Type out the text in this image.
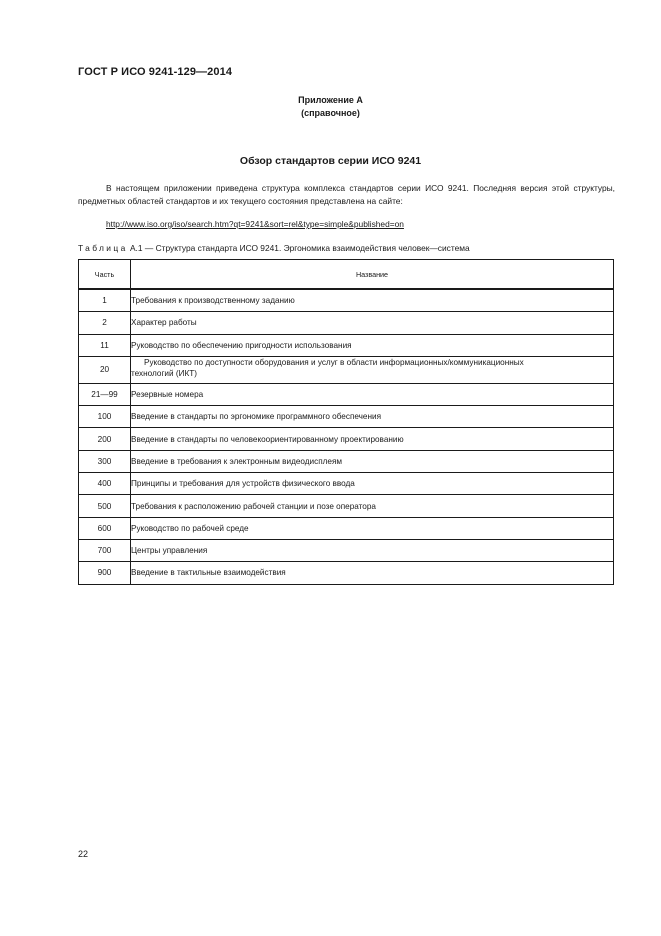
ГОСТ Р ИСО 9241-129—2014
Приложение А
(справочное)
Обзор стандартов серии ИСО 9241
В настоящем приложении приведена структура комплекса стандартов серии ИСО 9241. Последняя версия этой структуры, предметных областей стандартов и их текущего состояния представлена на сайте:
http://www.iso.org/iso/search.htm?qt=9241&sort=rel&type=simple&published=on
Таблица А.1 — Структура стандарта ИСО 9241. Эргономика взаимодействия человек—система
Часть	Название
1	Требования к производственному заданию
2	Характер работы
11	Руководство по обеспечению пригодности использования
20	Руководство по доступности оборудования и услуг в области информационных/коммуникационных
технологий (ИКТ)

21—99	Резервные номера
100	Введение в стандарты по эргономике программного обеспечения
200	Введение в стандарты по человекоориентированному проектированию
300	Введение в требования к электронным видеодисплеям
400	Принципы и требования для устройств физического ввода
500	Требования к расположению рабочей станции и позе оператора
600	Руководство по рабочей среде
700	Центры управления
900	Введение в тактильные взаимодействия
22
